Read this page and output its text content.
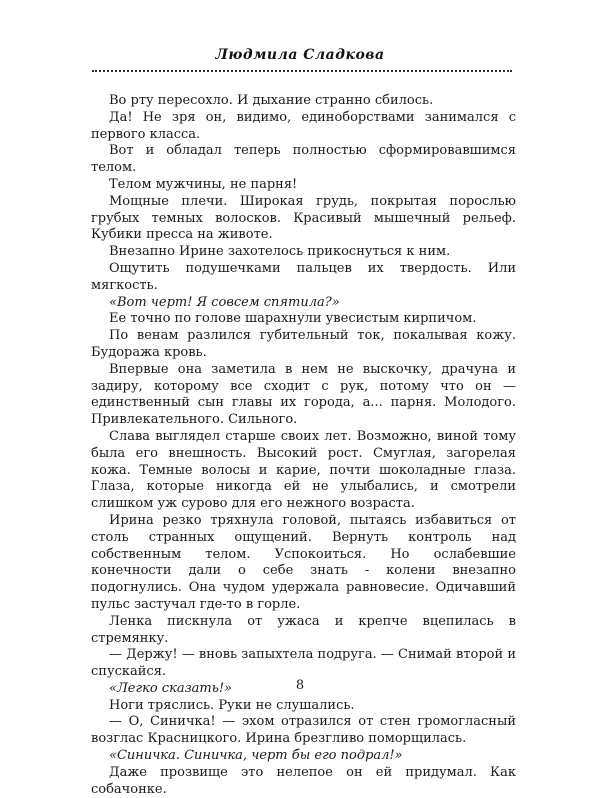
Людмила Сладкова

Во рту пересохло. И дыхание странно сбилось.

Да! Не зря он, видимо, единоборствами занимался с первого класса.

Вот и обладал теперь полностью сформировавшимся телом.

Телом мужчины, не парня!

Мощные плечи. Широкая грудь, покрытая порослью грубых темных волосков. Красивый мышечный рельеф. Кубики пресса на животе.

Внезапно Ирине захотелось прикоснуться к ним.

Ощутить подушечками пальцев их твердость. Или мягкость.

«Вот черт! Я совсем спятила?»

Ее точно по голове шарахнули увесистым кирпичом.

По венам разлился губительный ток, покалывая кожу. Будоража кровь.

Впервые она заметила в нем не выскочку, драчуна и задиру, которому все сходит с рук, потому что он — единственный сын главы их города, а... парня. Молодого. Привлекательного. Сильного.

Слава выглядел старше своих лет. Возможно, виной тому была его внешность. Высокий рост. Смуглая, загорелая кожа. Темные волосы и карие, почти шоколадные глаза. Глаза, которые никогда ей не улыбались, и смотрели слишком уж сурово для его нежного возраста.

Ирина резко тряхнула головой, пытаясь избавиться от столь странных ощущений. Вернуть контроль над собственным телом. Успокоиться. Но ослабевшие конечности дали о себе знать - колени внезапно подогнулись. Она чудом удержала равновесие. Одичавший пульс застучал где-то в горле.

Ленка пискнула от ужаса и крепче вцепилась в стремянку.

— Держу! — вновь запыхтела подруга. — Снимай второй и спускайся.

«Легко сказать!»

Ноги тряслись. Руки не слушались.

— О, Синичка! — эхом отразился от стен громогласный возглас Красницкого. Ирина брезгливо поморщилась.

«Синичка. Синичка, черт бы его подрал!»

Даже прозвище это нелепое он ей придумал. Как собачонке.

8
